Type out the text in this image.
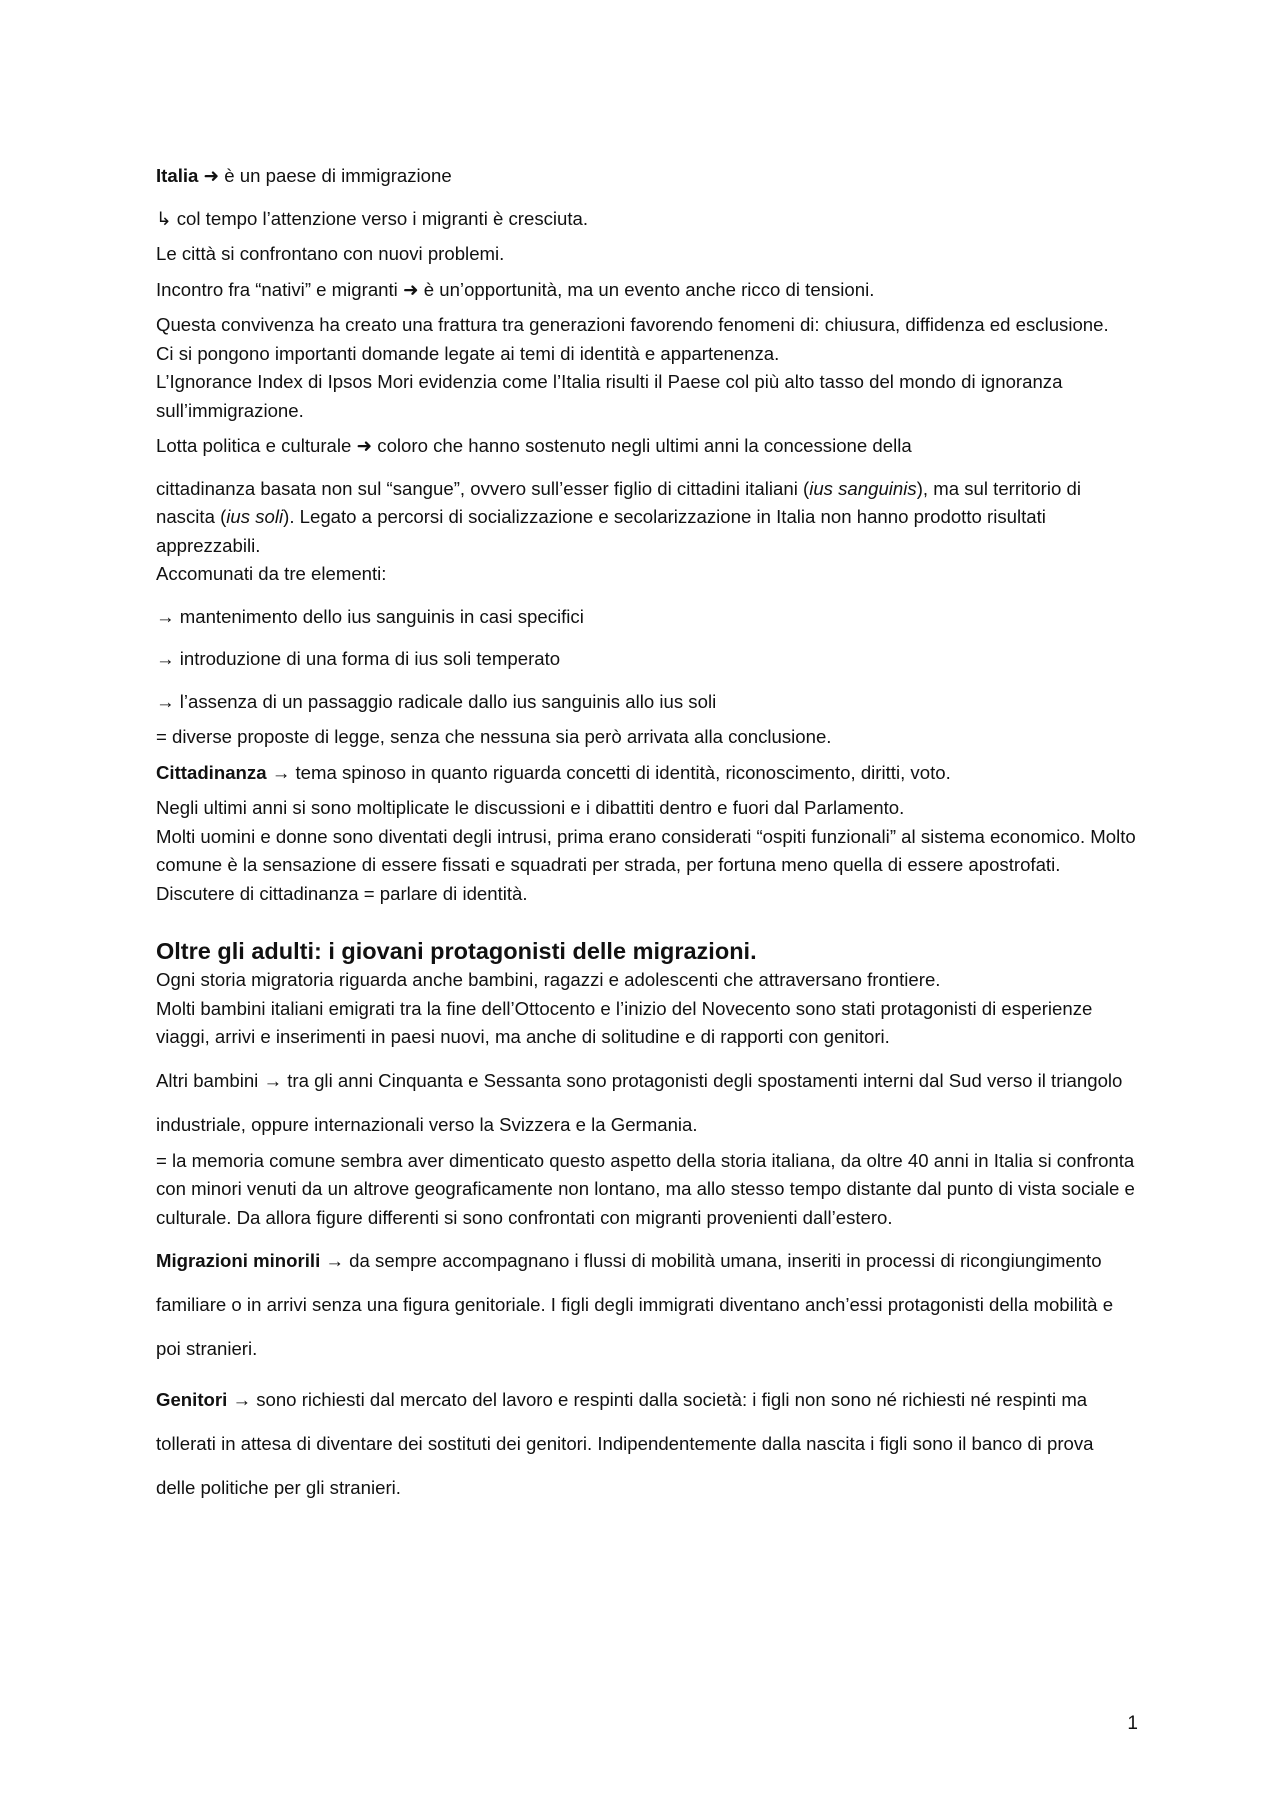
Italia ➜ è un paese di immigrazione

↳ col tempo l’attenzione verso i migranti è cresciuta.

Le città si confrontano con nuovi problemi.

Incontro fra “nativi” e migranti ➜ è un’opportunità, ma un evento anche ricco di tensioni.

Questa convivenza ha creato una frattura tra generazioni favorendo fenomeni di: chiusura, diffidenza ed esclusione.

Ci si pongono importanti domande legate ai temi di identità e appartenenza.

L’Ignorance Index di Ipsos Mori evidenzia come l’Italia risulti il Paese col più alto tasso del mondo di ignoranza sull’immigrazione.

Lotta politica e culturale ➜ coloro che hanno sostenuto negli ultimi anni la concessione della

cittadinanza basata non sul “sangue”, ovvero sull’esser figlio di cittadini italiani (ius sanguinis), ma sul territorio di nascita (ius soli). Legato a percorsi di socializzazione e secolarizzazione in Italia non hanno prodotto risultati apprezzabili.

Accomunati da tre elementi:

→ mantenimento dello ius sanguinis in casi specifici

→ introduzione di una forma di ius soli temperato

→ l’assenza di un passaggio radicale dallo ius sanguinis allo ius soli

= diverse proposte di legge, senza che nessuna sia però arrivata alla conclusione.

Cittadinanza → tema spinoso in quanto riguarda concetti di identità, riconoscimento, diritti, voto.

Negli ultimi anni si sono moltiplicate le discussioni e i dibattiti dentro e fuori dal Parlamento.

Molti uomini e donne sono diventati degli intrusi, prima erano considerati “ospiti funzionali” al sistema economico. Molto comune è la sensazione di essere fissati e squadrati per strada, per fortuna meno quella di essere apostrofati.

Discutere di cittadinanza = parlare di identità.

Oltre gli adulti: i giovani protagonisti delle migrazioni.

Ogni storia migratoria riguarda anche bambini, ragazzi e adolescenti che attraversano frontiere.

Molti bambini italiani emigrati tra la fine dell’Ottocento e l’inizio del Novecento sono stati protagonisti di esperienze viaggi, arrivi e inserimenti in paesi nuovi, ma anche di solitudine e di rapporti con genitori.

Altri bambini → tra gli anni Cinquanta e Sessanta sono protagonisti degli spostamenti interni dal Sud verso il triangolo industriale, oppure internazionali verso la Svizzera e la Germania.

= la memoria comune sembra aver dimenticato questo aspetto della storia italiana, da oltre 40 anni in Italia si confronta con minori venuti da un altrove geograficamente non lontano, ma allo stesso tempo distante dal punto di vista sociale e culturale. Da allora figure differenti si sono confrontati con migranti provenienti dall’estero.

Migrazioni minorili → da sempre accompagnano i flussi di mobilità umana, inseriti in processi di ricongiungimento familiare o in arrivi senza una figura genitoriale. I figli degli immigrati diventano anch’essi protagonisti della mobilità e poi stranieri.

Genitori → sono richiesti dal mercato del lavoro e respinti dalla società: i figli non sono né richiesti né respinti ma tollerati in attesa di diventare dei sostituti dei genitori. Indipendentemente dalla nascita i figli sono il banco di prova delle politiche per gli stranieri.

1
